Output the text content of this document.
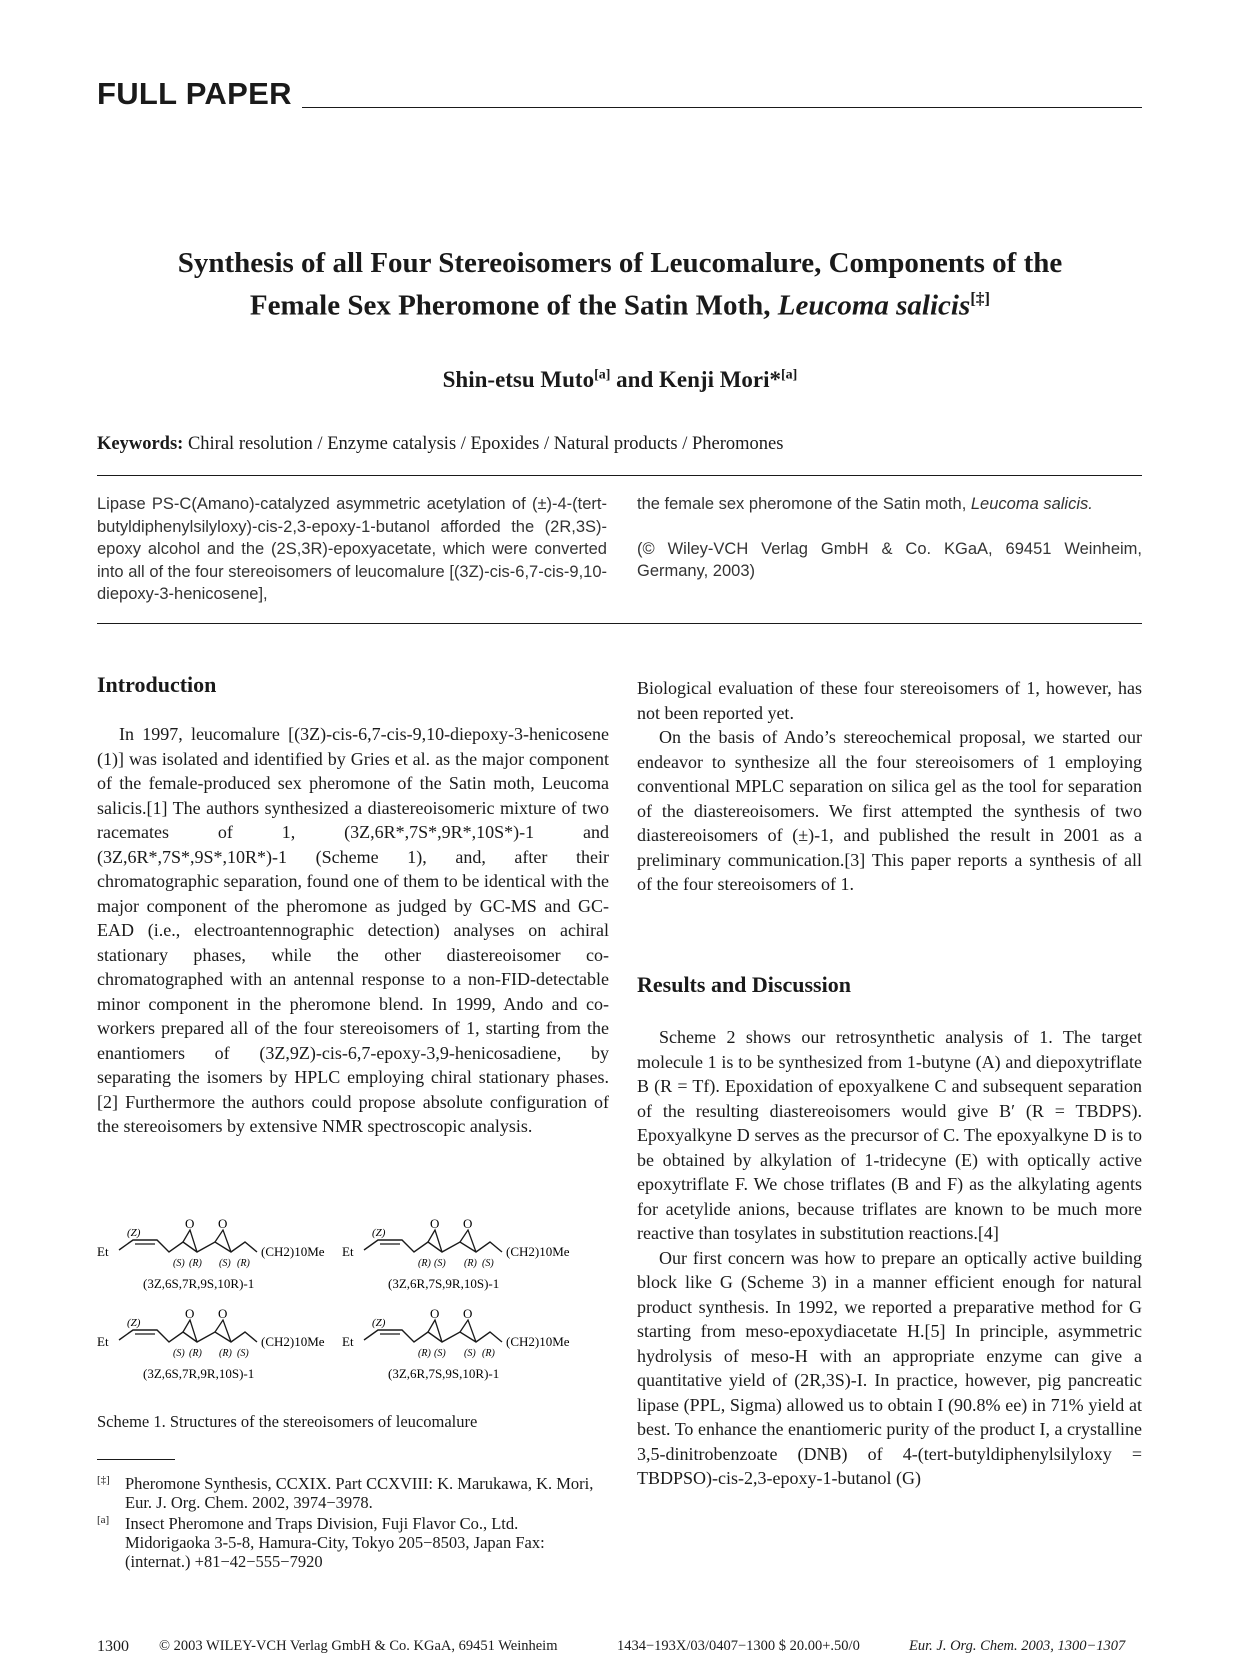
FULL PAPER
Synthesis of all Four Stereoisomers of Leucomalure, Components of the
Female Sex Pheromone of the Satin Moth, Leucoma salicis[‡]
Shin-etsu Muto[a] and Kenji Mori*[a]
Keywords: Chiral resolution / Enzyme catalysis / Epoxides / Natural products / Pheromones

Lipase PS-C(Amano)-catalyzed asymmetric acetylation of (±)-4-(tert-butyldiphenylsilyloxy)-cis-2,3-epoxy-1-butanol afforded the (2R,3S)-epoxy alcohol and the (2S,3R)-epoxyacetate, which were converted into all of the four stereoisomers of leucomalure [(3Z)-cis-6,7-cis-9,10-diepoxy-3-henicosene],

the female sex pheromone of the Satin moth, Leucoma salicis.

(© Wiley-VCH Verlag GmbH & Co. KGaA, 69451 Weinheim, Germany, 2003)

Introduction

In 1997, leucomalure [(3Z)-cis-6,7-cis-9,10-diepoxy-3-henicosene (1)] was isolated and identified by Gries et al. as the major component of the female-produced sex pheromone of the Satin moth, Leucoma salicis.[1] The authors synthesized a diastereoisomeric mixture of two racemates of 1, (3Z,6R*,7S*,9R*,10S*)-1 and (3Z,6R*,7S*,9S*,10R*)-1 (Scheme 1), and, after their chromatographic separation, found one of them to be identical with the major component of the pheromone as judged by GC-MS and GC-EAD (i.e., electroantennographic detection) analyses on achiral stationary phases, while the other diastereoisomer co-chromatographed with an antennal response to a non-FID-detectable minor component in the pheromone blend. In 1999, Ando and co-workers prepared all of the four stereoisomers of 1, starting from the enantiomers of (3Z,9Z)-cis-6,7-epoxy-3,9-henicosadiene, by separating the isomers by HPLC employing chiral stationary phases.[2] Furthermore the authors could propose absolute configuration of the stereoisomers by extensive NMR spectroscopic analysis.

O O
Et
(Z)
(S) (R) (S) (R)
(CH2)10Me
(3Z,6S,7R,9S,10R)-1
O O
Et
(Z)
(R) (S) (R) (S)
(CH2)10Me
(3Z,6R,7S,9R,10S)-1
O O
Et
(Z)
(S) (R) (R) (S)
(CH2)10Me
(3Z,6S,7R,9R,10S)-1
O O
Et
(Z)
(R) (S) (S) (R)
(CH2)10Me
(3Z,6R,7S,9S,10R)-1
Scheme 1. Structures of the stereoisomers of leucomalure
[‡] Pheromone Synthesis, CCXIX. Part CCXVIII: K. Marukawa, K. Mori, Eur. J. Org. Chem. 2002, 3974−3978.
[a] Insect Pheromone and Traps Division, Fuji Flavor Co., Ltd. Midorigaoka 3-5-8, Hamura-City, Tokyo 205−8503, Japan Fax: (internat.) +81−42−555−7920

Biological evaluation of these four stereoisomers of 1, however, has not been reported yet.

On the basis of Ando’s stereochemical proposal, we started our endeavor to synthesize all the four stereoisomers of 1 employing conventional MPLC separation on silica gel as the tool for separation of the diastereoisomers. We first attempted the synthesis of two diastereoisomers of (±)-1, and published the result in 2001 as a preliminary communication.[3] This paper reports a synthesis of all of the four stereoisomers of 1.

Results and Discussion

Scheme 2 shows our retrosynthetic analysis of 1. The target molecule 1 is to be synthesized from 1-butyne (A) and diepoxytriflate B (R = Tf). Epoxidation of epoxyalkene C and subsequent separation of the resulting diastereoisomers would give B′ (R = TBDPS). Epoxyalkyne D serves as the precursor of C. The epoxyalkyne D is to be obtained by alkylation of 1-tridecyne (E) with optically active epoxytriflate F. We chose triflates (B and F) as the alkylating agents for acetylide anions, because triflates are known to be much more reactive than tosylates in substitution reactions.[4]

Our first concern was how to prepare an optically active building block like G (Scheme 3) in a manner efficient enough for natural product synthesis. In 1992, we reported a preparative method for G starting from meso-epoxydiacetate H.[5] In principle, asymmetric hydrolysis of meso-H with an appropriate enzyme can give a quantitative yield of (2R,3S)-I. In practice, however, pig pancreatic lipase (PPL, Sigma) allowed us to obtain I (90.8% ee) in 71% yield at best. To enhance the enantiomeric purity of the product I, a crystalline 3,5-dinitrobenzoate (DNB) of 4-(tert-butyldiphenylsilyloxy = TBDPSO)-cis-2,3-epoxy-1-butanol (G)

1300 © 2003 WILEY-VCH Verlag GmbH & Co. KGaA, 69451 Weinheim	1434−193X/03/0407−1300 $ 20.00+.50/0	Eur. J. Org. Chem. 2003, 1300−1307
